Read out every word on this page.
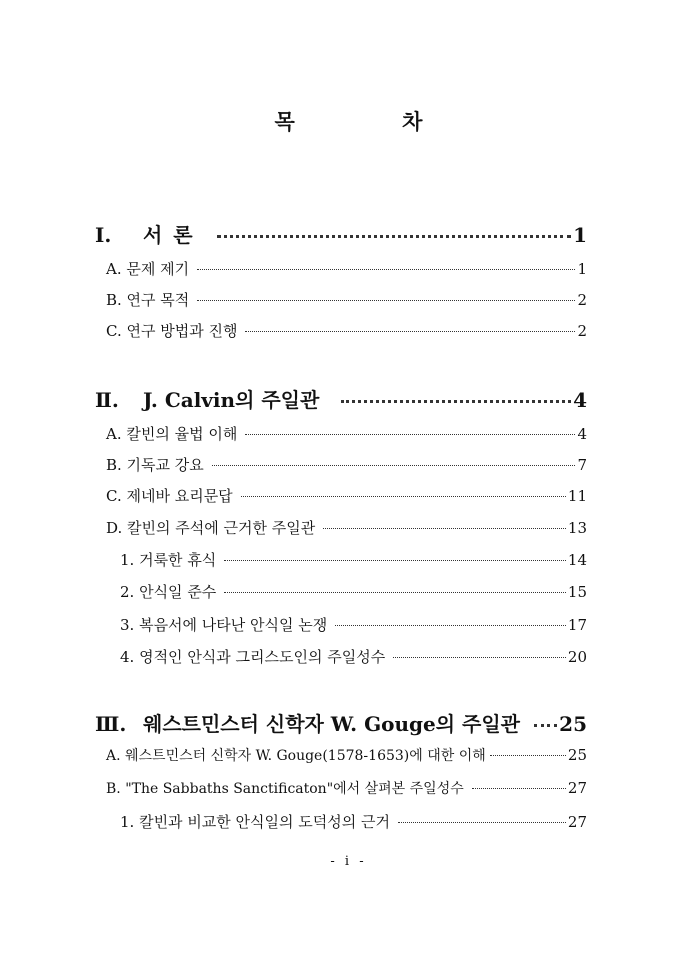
목 차
Ⅰ.	서 론	1
A. 문제 제기	1
B. 연구 목적	2
C. 연구 방법과 진행	2
Ⅱ.	J. Calvin의 주일관	4
A. 칼빈의 율법 이해	4
B. 기독교 강요	7
C. 제네바 요리문답	11
D. 칼빈의 주석에 근거한 주일관	13
1. 거룩한 휴식	14
2. 안식일 준수	15
3. 복음서에 나타난 안식일 논쟁	17
4. 영적인 안식과 그리스도인의 주일성수	20
Ⅲ. 웨스트민스터 신학자 W. Gouge의 주일관 25
A. 웨스트민스터 신학자 W. Gouge(1578-1653)에 대한 이해	25
B. "The Sabbaths Sanctificaton"에서 살펴본 주일성수	27
1. 칼빈과 비교한 안식일의 도덕성의 근거	27
- i -
